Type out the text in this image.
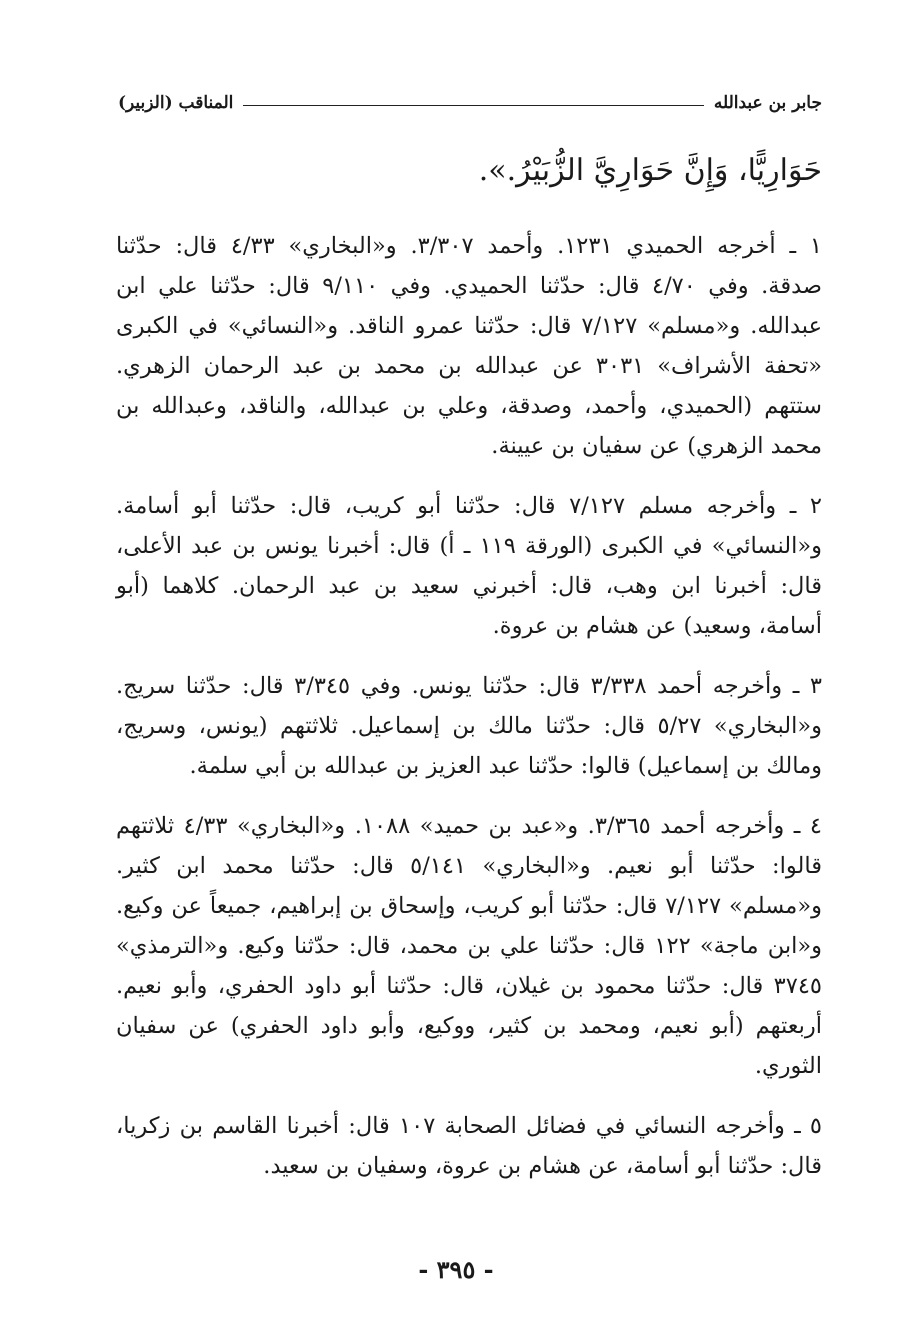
المناقب (الزبير)	جابر بن عبدالله
حَوَارِيًّا، وَإِنَّ حَوَارِيَّ الزُّبَيْرُ.».

١ ـ أخرجه الحميدي ١٢٣١. وأحمد ٣/٣٠٧. و«البخاري» ٤/٣٣ قال: حدّثنا صدقة. وفي ٤/٧٠ قال: حدّثنا الحميدي. وفي ٩/١١٠ قال: حدّثنا علي ابن عبدالله. و«مسلم» ٧/١٢٧ قال: حدّثنا عمرو الناقد. و«النسائي» في الكبرى «تحفة الأشراف» ٣٠٣١ عن عبدالله بن محمد بن عبد الرحمان الزهري. ستتهم (الحميدي، وأحمد، وصدقة، وعلي بن عبدالله، والناقد، وعبدالله بن محمد الزهري) عن سفيان بن عيينة.

٢ ـ وأخرجه مسلم ٧/١٢٧ قال: حدّثنا أبو كريب، قال: حدّثنا أبو أسامة. و«النسائي» في الكبرى (الورقة ١١٩ ـ أ) قال: أخبرنا يونس بن عبد الأعلى، قال: أخبرنا ابن وهب، قال: أخبرني سعيد بن عبد الرحمان. كلاهما (أبو أسامة، وسعيد) عن هشام بن عروة.

٣ ـ وأخرجه أحمد ٣/٣٣٨ قال: حدّثنا يونس. وفي ٣/٣٤٥ قال: حدّثنا سريج. و«البخاري» ٥/٢٧ قال: حدّثنا مالك بن إسماعيل. ثلاثتهم (يونس، وسريج، ومالك بن إسماعيل) قالوا: حدّثنا عبد العزيز بن عبدالله بن أبي سلمة.

٤ ـ وأخرجه أحمد ٣/٣٦٥. و«عبد بن حميد» ١٠٨٨. و«البخاري» ٤/٣٣ ثلاثتهم قالوا: حدّثنا أبو نعيم. و«البخاري» ٥/١٤١ قال: حدّثنا محمد ابن كثير. و«مسلم» ٧/١٢٧ قال: حدّثنا أبو كريب، وإسحاق بن إبراهيم، جميعاً عن وكيع. و«ابن ماجة» ١٢٢ قال: حدّثنا علي بن محمد، قال: حدّثنا وكيع. و«الترمذي» ٣٧٤٥ قال: حدّثنا محمود بن غيلان، قال: حدّثنا أبو داود الحفري، وأبو نعيم. أربعتهم (أبو نعيم، ومحمد بن كثير، ووكيع، وأبو داود الحفري) عن سفيان الثوري.

٥ ـ وأخرجه النسائي في فضائل الصحابة ١٠٧ قال: أخبرنا القاسم بن زكريا، قال: حدّثنا أبو أسامة، عن هشام بن عروة، وسفيان بن سعيد.

- ٣٩٥ -
